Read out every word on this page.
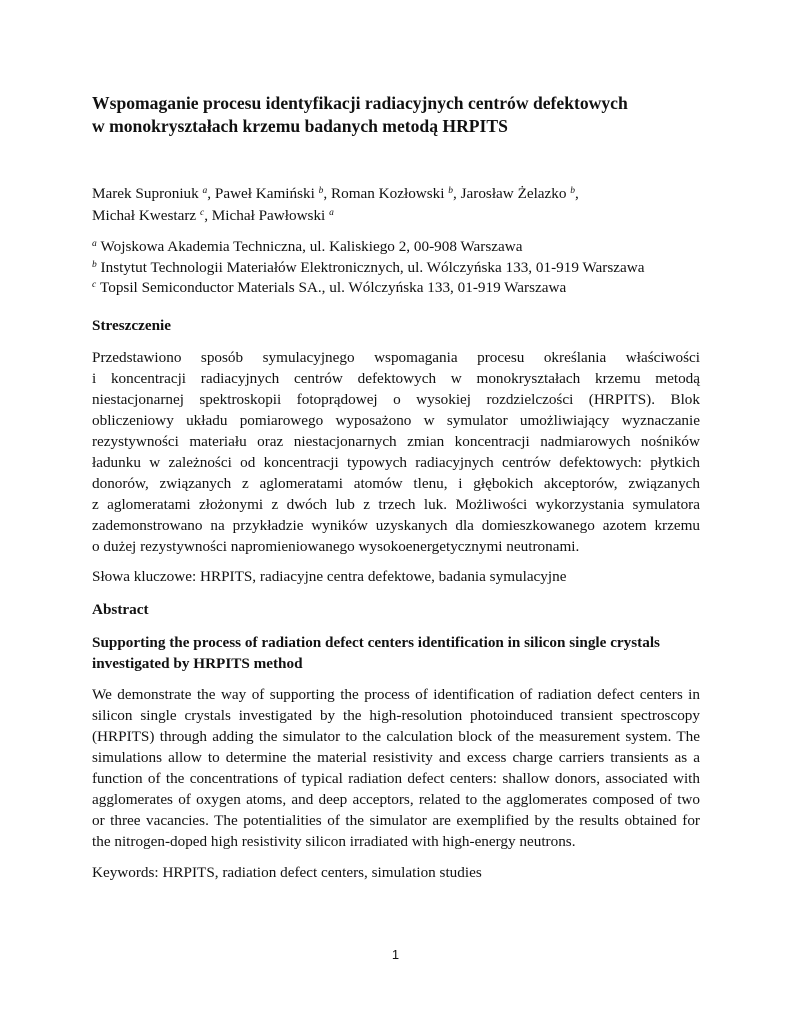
Wspomaganie procesu identyfikacji radiacyjnych centrów defektowych
w monokryształach krzemu badanych metodą HRPITS
Marek Suproniuk $^a$, Paweł Kamiński $^b$, Roman Kozłowski $^b$, Jarosław Żelazko $^b$,
Michał Kwestarz $^c$, Michał Pawłowski $^a$
$^a$ Wojskowa Akademia Techniczna, ul. Kaliskiego 2, 00-908 Warszawa
$^b$ Instytut Technologii Materiałów Elektronicznych, ul. Wólczyńska 133, 01-919 Warszawa
$^c$ Topsil Semiconductor Materials SA., ul. Wólczyńska 133, 01-919 Warszawa
Streszczenie
Przedstawiono sposób symulacyjnego wspomagania procesu określania właściwości
i koncentracji radiacyjnych centrów defektowych w monokryształach krzemu metodą
niestacjonarnej spektroskopii fotoprądowej o wysokiej rozdzielczości (HRPITS). Blok
obliczeniowy układu pomiarowego wyposażono w symulator umożliwiający wyznaczanie
rezystywności materiału oraz niestacjonarnych zmian koncentracji nadmiarowych nośników
ładunku w zależności od koncentracji typowych radiacyjnych centrów defektowych: płytkich
donorów, związanych z aglomeratami atomów tlenu, i głębokich akceptorów, związanych
z aglomeratami złożonymi z dwóch lub z trzech luk. Możliwości wykorzystania symulatora
zademonstrowano na przykładzie wyników uzyskanych dla domieszkowanego azotem krzemu
o dużej rezystywności napromieniowanego wysokoenergetycznymi neutronami.
Słowa kluczowe: HRPITS, radiacyjne centra defektowe, badania symulacyjne
Abstract
Supporting the process of radiation defect centers identification in silicon single crystals
investigated by HRPITS method
We demonstrate the way of supporting the process of identification of radiation defect centers in
silicon single crystals investigated by the high-resolution photoinduced transient spectroscopy
(HRPITS) through adding the simulator to the calculation block of the measurement system. The
simulations allow to determine the material resistivity and excess charge carriers transients as a
function of the concentrations of typical radiation defect centers: shallow donors, associated with
agglomerates of oxygen atoms, and deep acceptors, related to the agglomerates composed of two
or three vacancies. The potentialities of the simulator are exemplified by the results obtained for
the nitrogen-doped high resistivity silicon irradiated with high-energy neutrons.
Keywords: HRPITS, radiation defect centers, simulation studies
1
